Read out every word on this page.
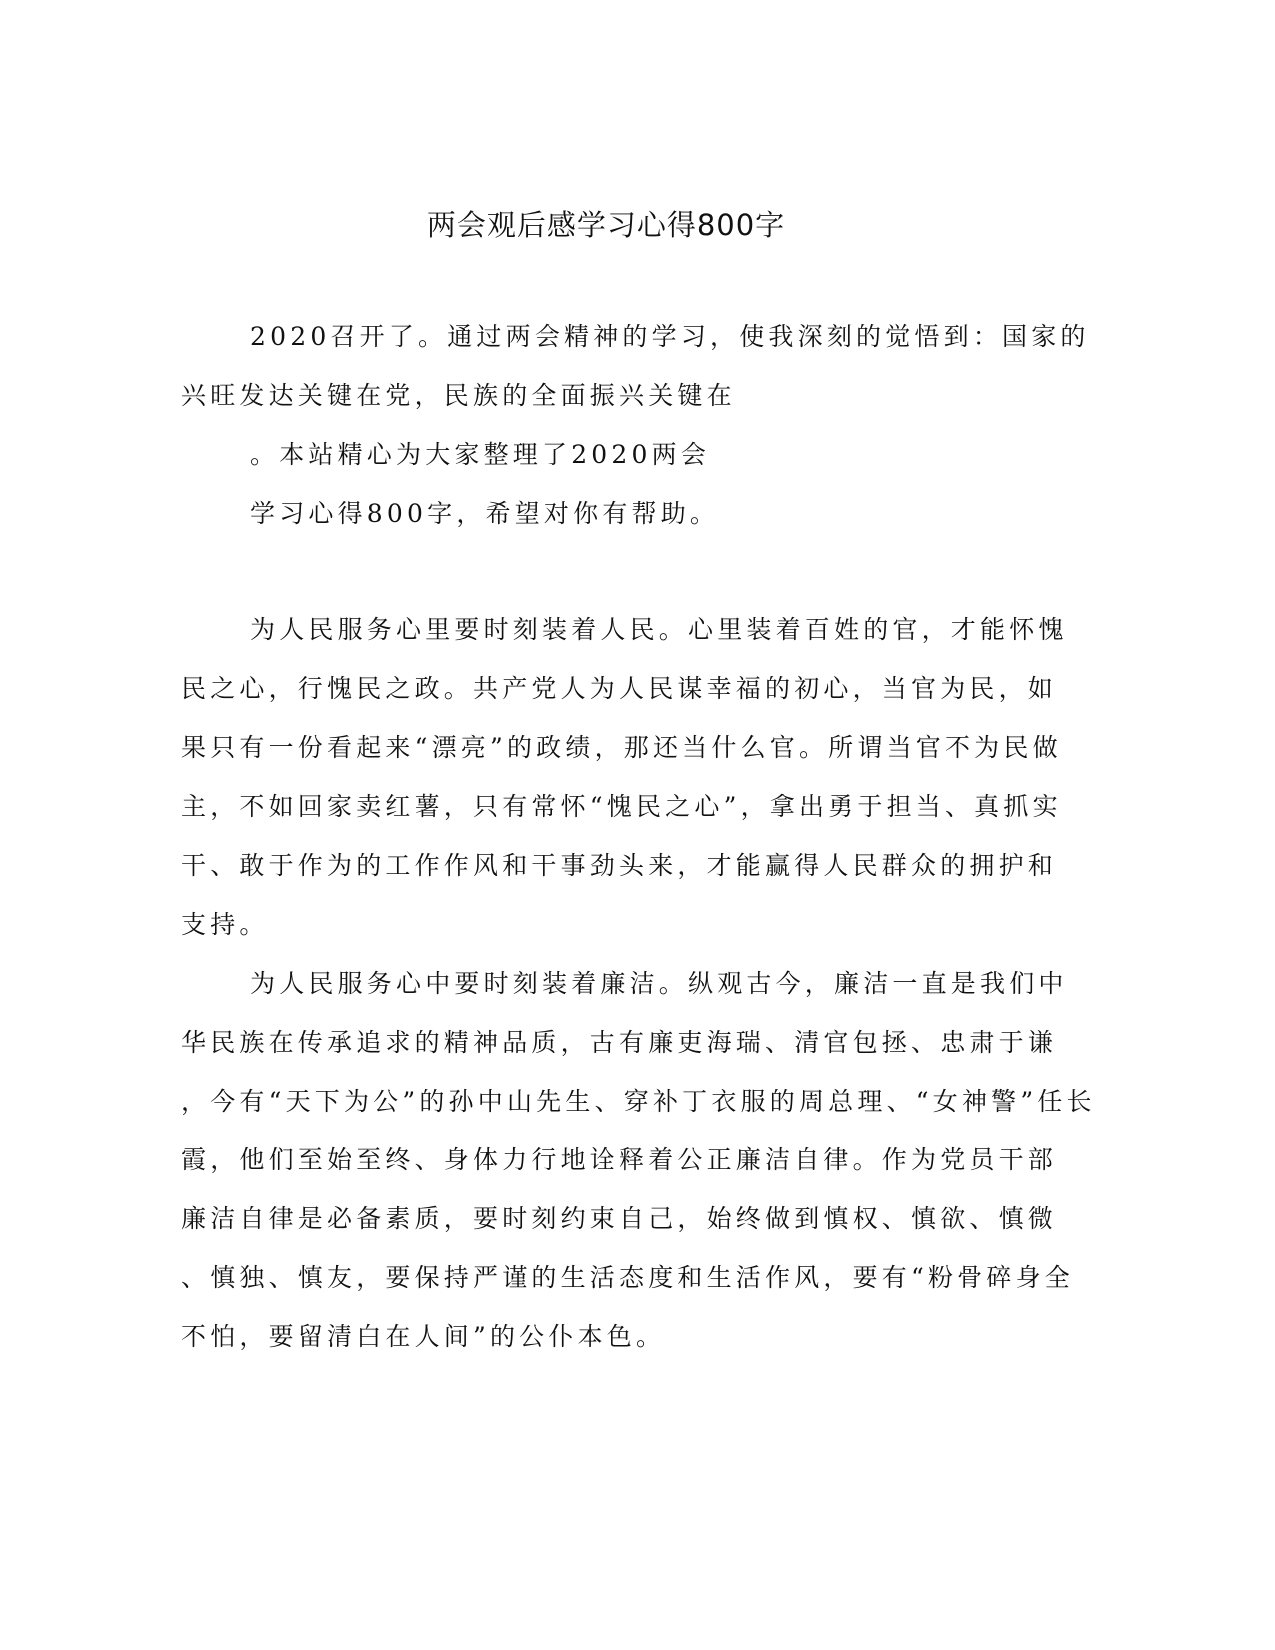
两会观后感学习心得800字
2020召开了。通过两会精神的学习，使我深刻的觉悟到：国家的
兴旺发达关键在党，民族的全面振兴关键在
。本站精心为大家整理了2020两会
学习心得800字，希望对你有帮助。
为人民服务心里要时刻装着人民。心里装着百姓的官，才能怀愧
民之心，行愧民之政。共产党人为人民谋幸福的初心，当官为民，如
果只有一份看起来“漂亮”的政绩，那还当什么官。所谓当官不为民做
主，不如回家卖红薯，只有常怀“愧民之心”，拿出勇于担当、真抓实
干、敢于作为的工作作风和干事劲头来，才能赢得人民群众的拥护和
支持。
为人民服务心中要时刻装着廉洁。纵观古今，廉洁一直是我们中
华民族在传承追求的精神品质，古有廉吏海瑞、清官包拯、忠肃于谦
，今有“天下为公”的孙中山先生、穿补丁衣服的周总理、“女神警”任长
霞，他们至始至终、身体力行地诠释着公正廉洁自律。作为党员干部
廉洁自律是必备素质，要时刻约束自己，始终做到慎权、慎欲、慎微
、慎独、慎友，要保持严谨的生活态度和生活作风，要有“粉骨碎身全
不怕，要留清白在人间”的公仆本色。
